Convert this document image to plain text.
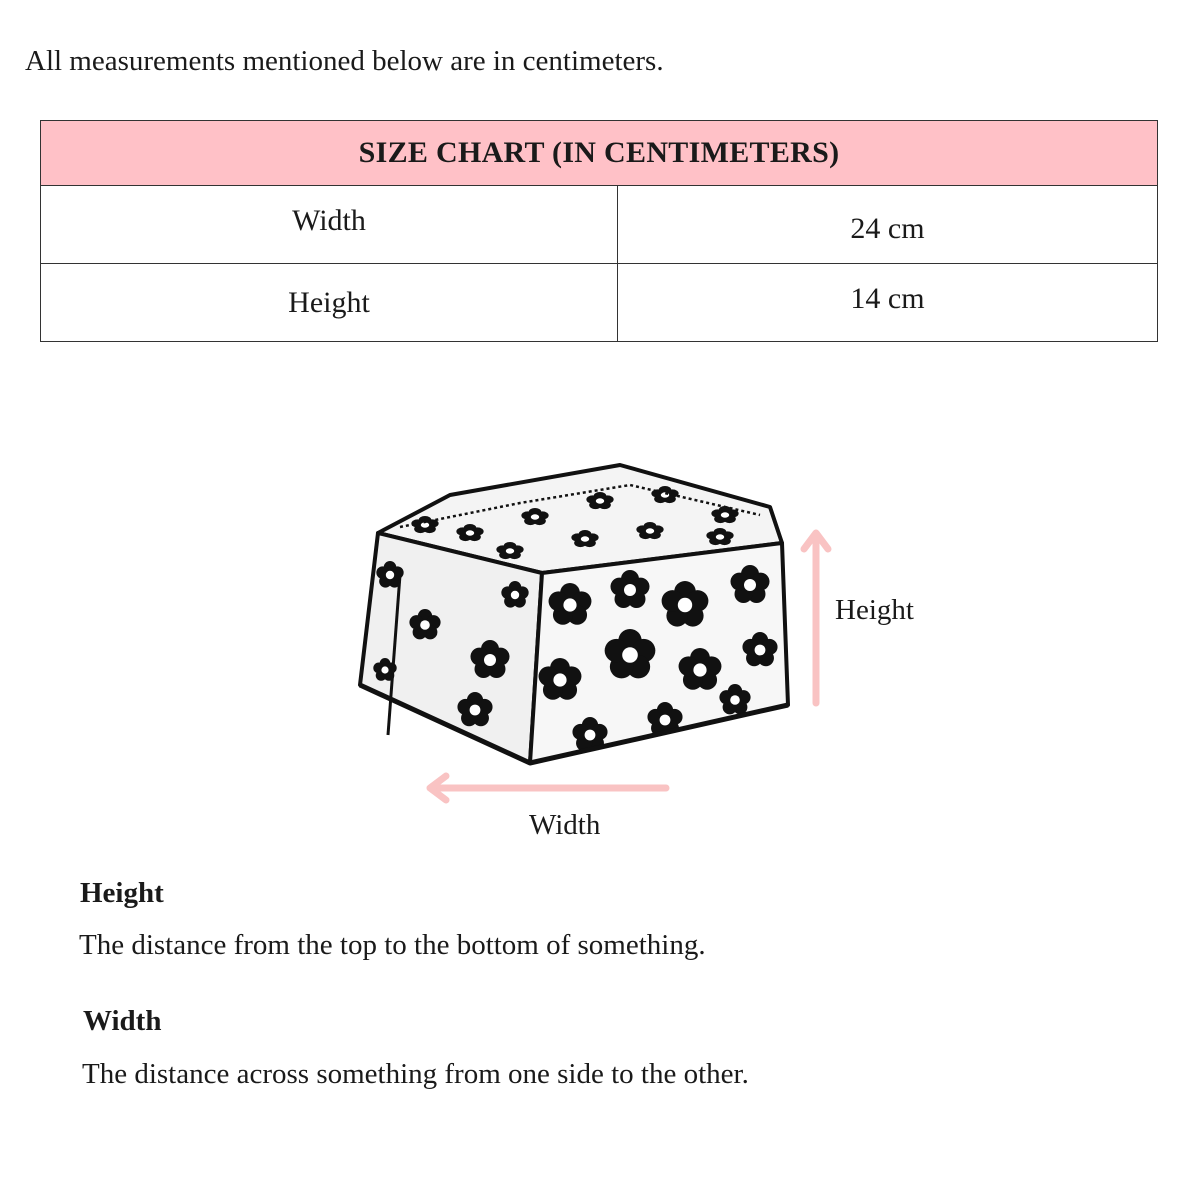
All measurements mentioned below are in centimeters.
SIZE CHART (IN CENTIMETERS)	
Width	24 cm
Height	14 cm
Height
Width
Height
The distance from the top to the bottom of something.
Width
The distance across something from one side to the other.
